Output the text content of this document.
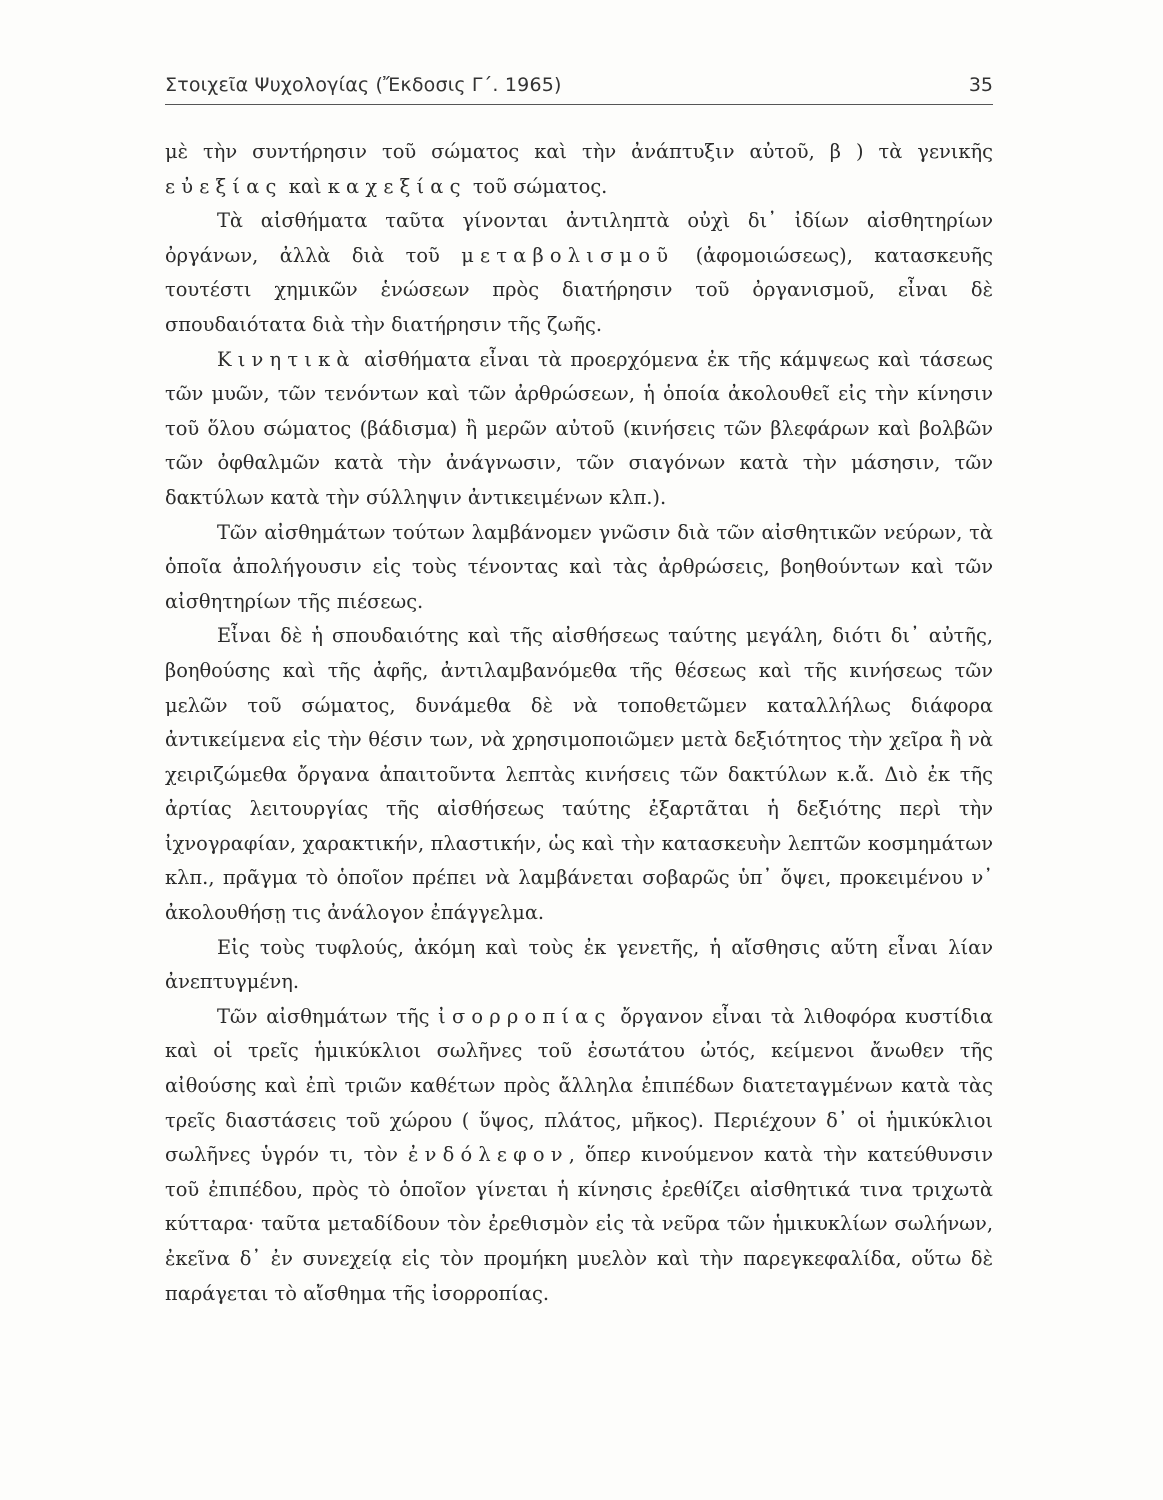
Στοιχεῖα Ψυχολογίας (Ἔκδοσις Γ΄. 1965)	35

μὲ τὴν συντήρησιν τοῦ σώματος καὶ τὴν ἀνάπτυξιν αὐτοῦ, β ) τὰ γενικῆς εὐεξίας καὶ καχεξίας τοῦ σώματος.

Τὰ αἰσθήματα ταῦτα γίνονται ἀντιληπτὰ οὐχὶ δι᾽ ἰδίων αἰσθητηρίων ὀργάνων, ἀλλὰ διὰ τοῦ μεταβολισμοῦ (ἀφομοιώσεως), κατασκευῆς τουτέστι χημικῶν ἑνώσεων πρὸς διατήρησιν τοῦ ὀργανισμοῦ, εἶναι δὲ σπουδαιότατα διὰ τὴν διατήρησιν τῆς ζωῆς.

Κινητικὰ αἰσθήματα εἶναι τὰ προερχόμενα ἐκ τῆς κάμψεως καὶ τάσεως τῶν μυῶν, τῶν τενόντων καὶ τῶν ἀρθρώσεων, ἡ ὁποία ἀκολουθεῖ εἰς τὴν κίνησιν τοῦ ὅλου σώματος (βάδισμα) ἢ μερῶν αὐτοῦ (κινήσεις τῶν βλεφάρων καὶ βολβῶν τῶν ὀφθαλμῶν κατὰ τὴν ἀνάγνωσιν, τῶν σιαγόνων κατὰ τὴν μάσησιν, τῶν δακτύλων κατὰ τὴν σύλληψιν ἀντικειμένων κλπ.).

Τῶν αἰσθημάτων τούτων λαμβάνομεν γνῶσιν διὰ τῶν αἰσθητικῶν νεύρων, τὰ ὁποῖα ἀπολήγουσιν εἰς τοὺς τένοντας καὶ τὰς ἀρθρώσεις, βοηθούντων καὶ τῶν αἰσθητηρίων τῆς πιέσεως.

Εἶναι δὲ ἡ σπουδαιότης καὶ τῆς αἰσθήσεως ταύτης μεγάλη, διότι δι᾽ αὐτῆς, βοηθούσης καὶ τῆς ἀφῆς, ἀντιλαμβανόμεθα τῆς θέσεως καὶ τῆς κινήσεως τῶν μελῶν τοῦ σώματος, δυνάμεθα δὲ νὰ τοποθετῶμεν καταλλήλως διάφορα ἀντικείμενα εἰς τὴν θέσιν των, νὰ χρησιμοποιῶμεν μετὰ δεξιότητος τὴν χεῖρα ἢ νὰ χειριζώμεθα ὄργανα ἀπαιτοῦντα λεπτὰς κινήσεις τῶν δακτύλων κ.ἄ. Διὸ ἐκ τῆς ἀρτίας λειτουργίας τῆς αἰσθήσεως ταύτης ἐξαρτᾶται ἡ δεξιότης περὶ τὴν ἰχνογραφίαν, χαρακτικήν, πλαστικήν, ὡς καὶ τὴν κατασκευὴν λεπτῶν κοσμημάτων κλπ., πρᾶγμα τὸ ὁποῖον πρέπει νὰ λαμβάνεται σοβαρῶς ὑπ᾽ ὄψει, προκειμένου ν᾽ ἀκολουθήσῃ τις ἀνάλογον ἐπάγγελμα.

Εἰς τοὺς τυφλούς, ἀκόμη καὶ τοὺς ἐκ γενετῆς, ἡ αἴσθησις αὕτη εἶναι λίαν ἀνεπτυγμένη.

Τῶν αἰσθημάτων τῆς ἰσορροπίας ὄργανον εἶναι τὰ λιθοφόρα κυστίδια καὶ οἱ τρεῖς ἡμικύκλιοι σωλῆνες τοῦ ἐσωτάτου ὠτός, κείμενοι ἄνωθεν τῆς αἰθούσης καὶ ἐπὶ τριῶν καθέτων πρὸς ἄλληλα ἐπιπέδων διατεταγμένων κατὰ τὰς τρεῖς διαστάσεις τοῦ χώρου ( ὕψος, πλάτος, μῆκος). Περιέχουν δ᾽ οἱ ἡμικύκλιοι σωλῆνες ὑγρόν τι, τὸν ἐνδόλεφον, ὅπερ κινούμενον κατὰ τὴν κατεύθυνσιν τοῦ ἐπιπέδου, πρὸς τὸ ὁποῖον γίνεται ἡ κίνησις ἐρεθίζει αἰσθητικά τινα τριχωτὰ κύτταρα· ταῦτα μεταδίδουν τὸν ἐρεθισμὸν εἰς τὰ νεῦρα τῶν ἡμικυκλίων σωλήνων, ἐκεῖνα δ᾽ ἐν συνεχείᾳ εἰς τὸν προμήκη μυελὸν καὶ τὴν παρεγκεφαλίδα, οὕτω δὲ παράγεται τὸ αἴσθημα τῆς ἰσορροπίας.
